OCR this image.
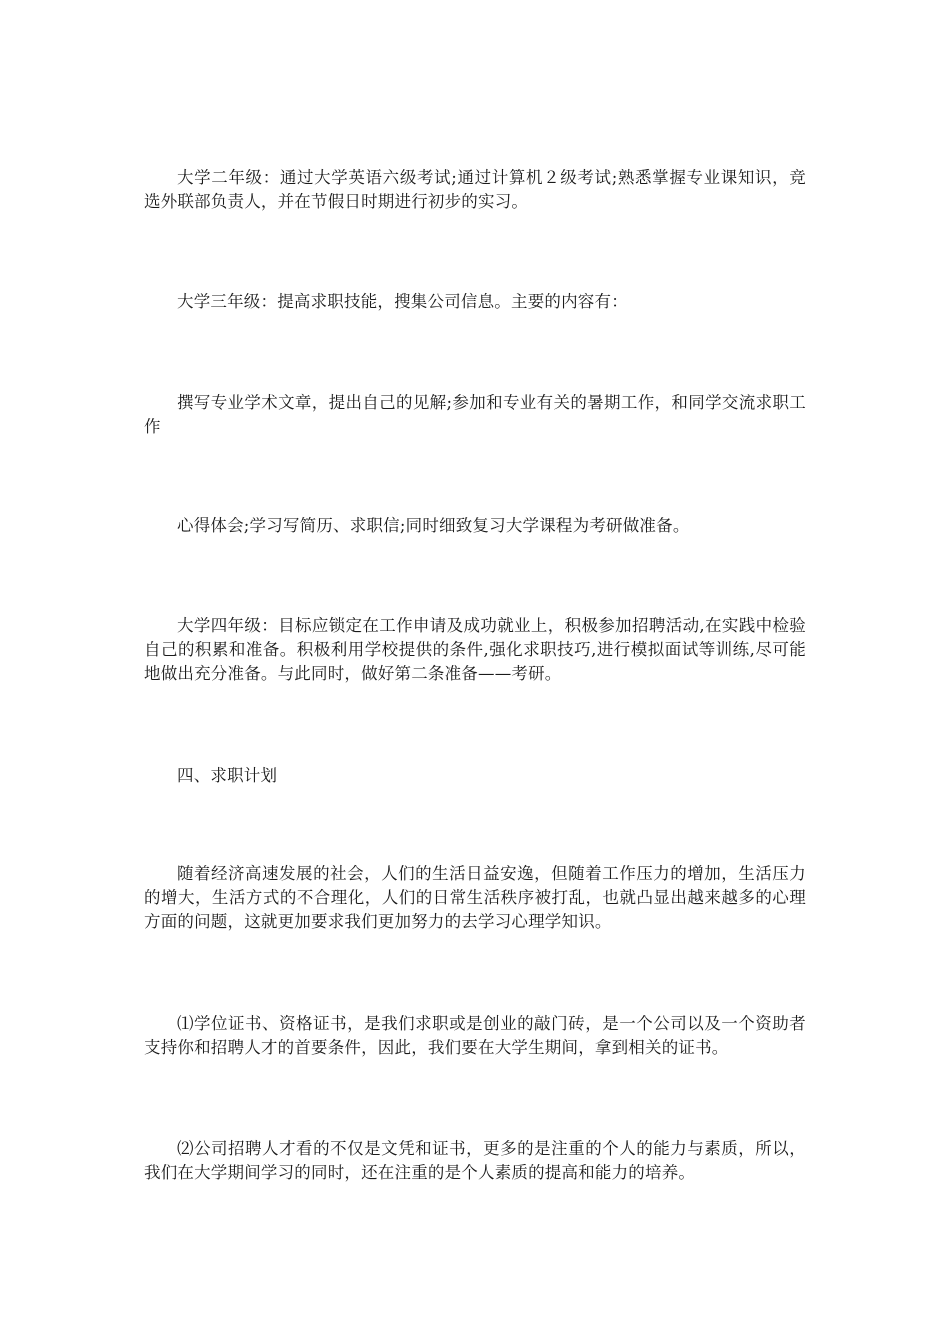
大学二年级：通过大学英语六级考试;通过计算机２级考试;熟悉掌握专业课知识，竞选外联部负责人，并在节假日时期进行初步的实习。

大学三年级：提高求职技能，搜集公司信息。主要的内容有：

撰写专业学术文章，提出自己的见解;参加和专业有关的暑期工作，和同学交流求职工作

心得体会;学习写简历、求职信;同时细致复习大学课程为考研做准备。

大学四年级：目标应锁定在工作申请及成功就业上，积极参加招聘活动,在实践中检验自己的积累和准备。积极利用学校提供的条件,强化求职技巧,进行模拟面试等训练,尽可能地做出充分准备。与此同时，做好第二条准备——考研。

四、求职计划

随着经济高速发展的社会，人们的生活日益安逸，但随着工作压力的增加，生活压力的增大，生活方式的不合理化，人们的日常生活秩序被打乱，也就凸显出越来越多的心理方面的问题，这就更加要求我们更加努力的去学习心理学知识。

⑴学位证书、资格证书，是我们求职或是创业的敲门砖，是一个公司以及一个资助者支持你和招聘人才的首要条件，因此，我们要在大学生期间，拿到相关的证书。

⑵公司招聘人才看的不仅是文凭和证书，更多的是注重的个人的能力与素质，所以，我们在大学期间学习的同时，还在注重的是个人素质的提高和能力的培养。
